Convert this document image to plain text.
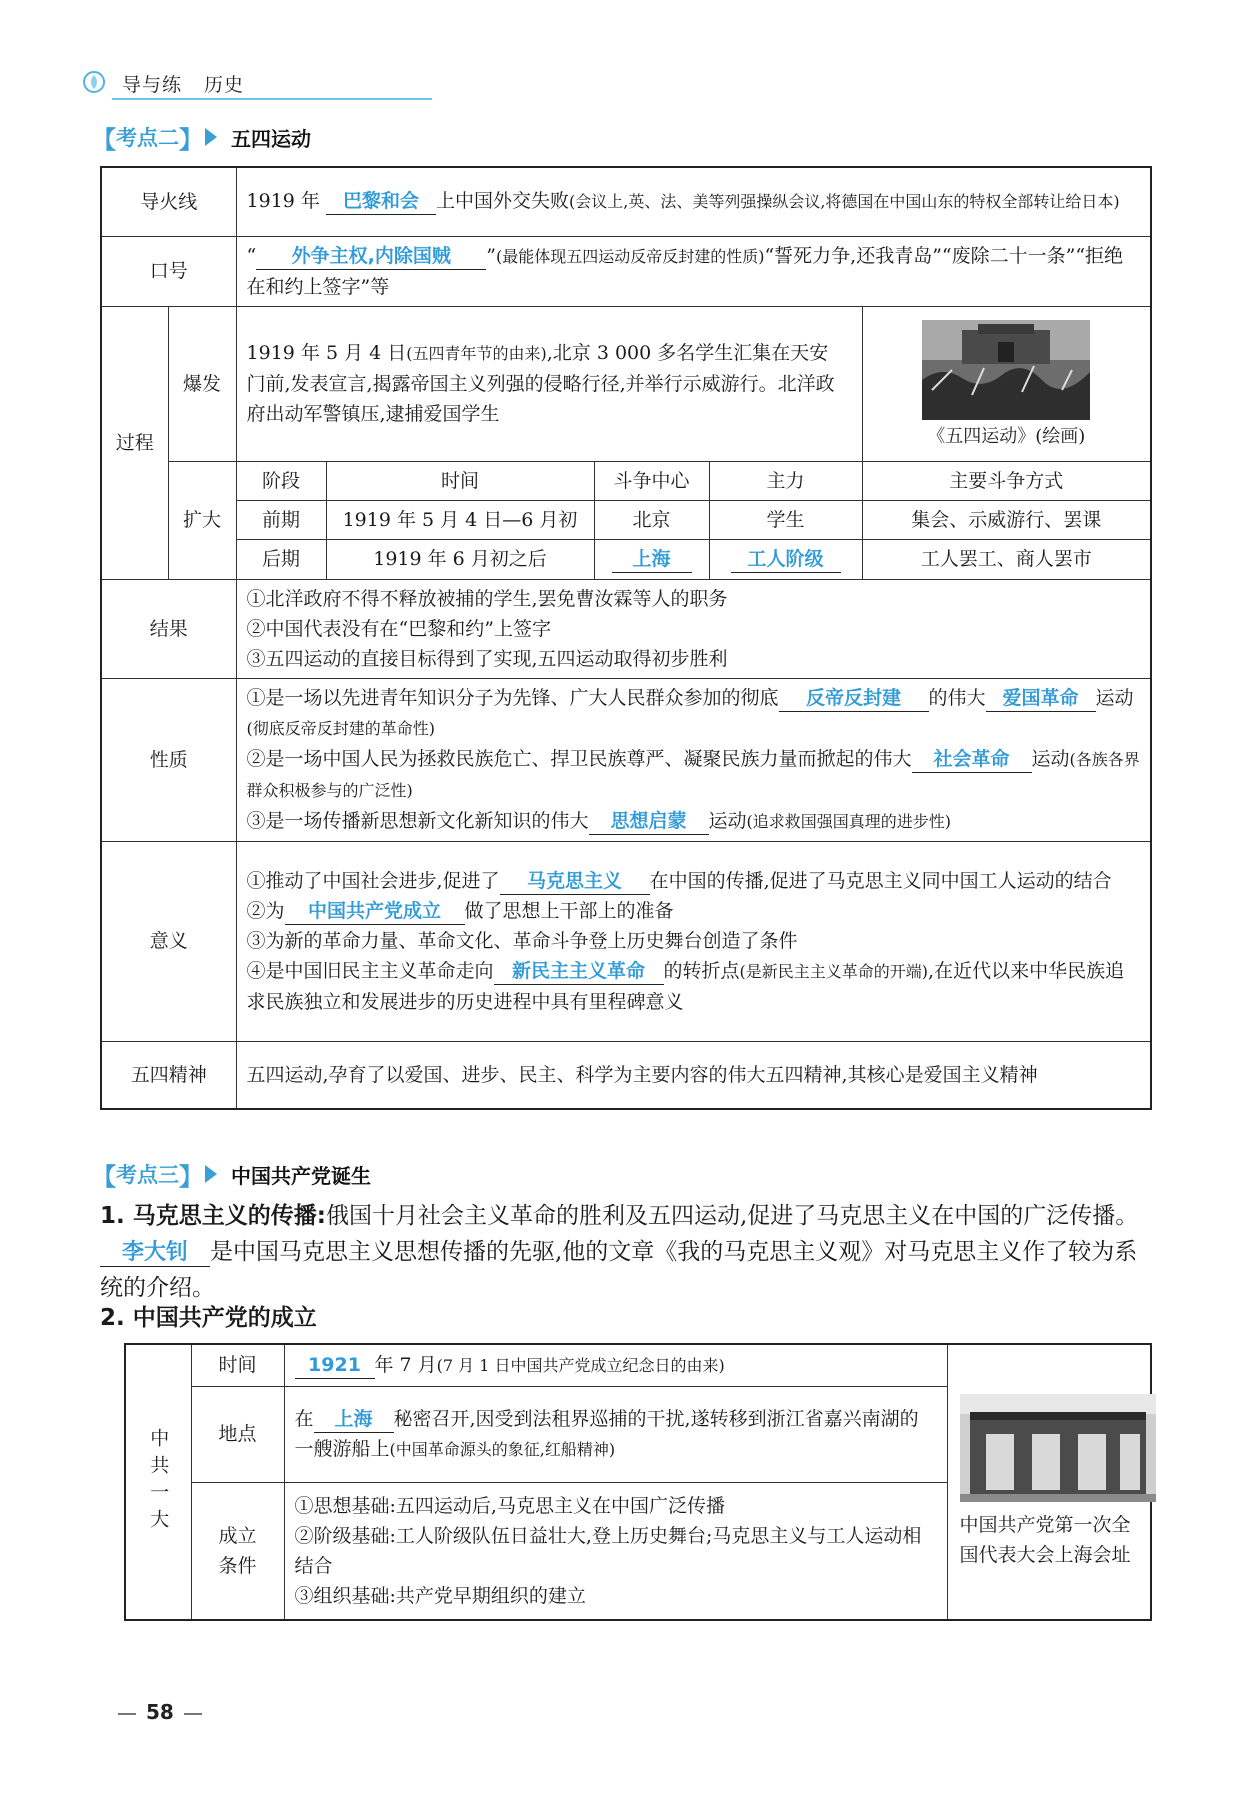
导与练 历史
【 考点二 】 五四运动
导火线		1919 年 巴黎和会 上中国外交失败(会议上,英、法、美等列强操纵会议,将德国在中国山东的特权全部转让给日本)				
口号		“ 外争主权,内除国贼 ”(最能体现五四运动反帝反封建的性质)“誓死力争,还我青岛”“废除二十一条”“拒绝在和约上签字”等				
过程	爆发	1919 年 5 月 4 日(五四青年节的由来),北京 3 000 多名学生汇集在天安门前,发表宣言,揭露帝国主义列强的侵略行径,并举行示威游行。北洋政府出动军警镇压,逮捕爱国学生				《五四运动》(绘画)

	扩大	阶段	时间	斗争中心	主力	主要斗争方式
		前期	1919 年 5 月 4 日—6 月初	北京	学生	集会、示威游行、罢课
		后期	1919 年 6 月初之后	上海	工人阶级	工人罢工、商人罢市
结果		①北洋政府不得不释放被捕的学生,罢免曹汝霖等人的职务
②中国代表没有在“巴黎和约”上签字
③五四运动的直接目标得到了实现,五四运动取得初步胜利				

性质		①是一场以先进青年知识分子为先锋、广大人民群众参加的彻底 反帝反封建 的伟大 爱国革命 运动(彻底反帝反封建的革命性)
②是一场中国人民为拯救民族危亡、捍卫民族尊严、凝聚民族力量而掀起的伟大 社会革命 运动(各族各界群众积极参与的广泛性)
③是一场传播新思想新文化新知识的伟大 思想启蒙 运动(追求救国强国真理的进步性)				

意义		①推动了中国社会进步,促进了 马克思主义 在中国的传播,促进了马克思主义同中国工人运动的结合
②为 中国共产党成立 做了思想上干部上的准备
③为新的革命力量、革命文化、革命斗争登上历史舞台创造了条件
④是中国旧民主主义革命走向 新民主主义革命 的转折点(是新民主主义革命的开端),在近代以来中华民族追求民族独立和发展进步的历史进程中具有里程碑意义				

五四精神		五四运动,孕育了以爱国、进步、民主、科学为主要内容的伟大五四精神,其核心是爱国主义精神				
【 考点三 】 中国共产党诞生
1. 马克思主义的传播:俄国十月社会主义革命的胜利及五四运动,促进了马克思主义在中国的广泛传播。李大钊 是中国马克思主义思想传播的先驱,他的文章《我的马克思主义观》对马克思主义作了较为系统的介绍。
2. 中国共产党的成立
中共一大	时间	1921 年 7 月(7 月 1 日中国共产党成立纪念日的由来)	中国共产党第一次全国代表大会上海会址

	地点	在 上海 秘密召开,因受到法租界巡捕的干扰,遂转移到浙江省嘉兴南湖的一艘游船上(中国革命源头的象征,红船精神)	
	成立条件	①思想基础:五四运动后,马克思主义在中国广泛传播
②阶级基础:工人阶级队伍日益壮大,登上历史舞台;马克思主义与工人运动相结合
③组织基础:共产党早期组织的建立	
58
